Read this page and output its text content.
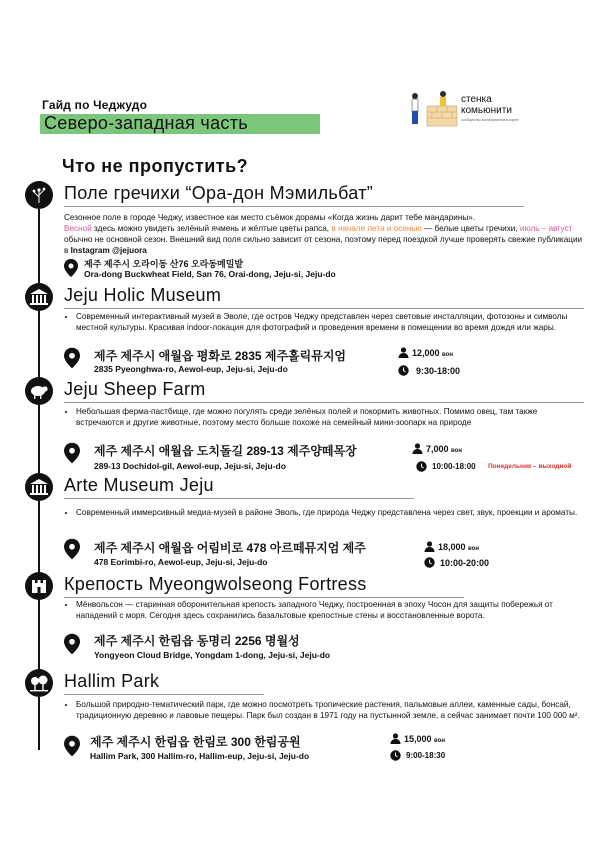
Гайд по Чеджудо
Северо-западная часть
стенка
комьюнити
сообщество экспатриантов в корее
Что не пропустить?
Поле гречихи “Ора-дон Мэмильбат”
Сезонное поле в городе Чеджу, известное как место съёмок дорамы «Когда жизнь дарит тебе мандарины».
Весной здесь можно увидеть зелёный ячмень и жёлтые цветы рапса, в начале лета и осенью — белые цветы гречихи, июль – август обычно не основной сезон. Внешний вид поля сильно зависит от сезона, поэтому перед поездкой лучше проверять свежие публикации в Instagram @jejuora
제주 제주시 오라이동 산76 오라동메밀밭
Ora-dong Buckwheat Field, San 76, Orai-dong, Jeju-si, Jeju-do
Jeju Holic Museum
• Современный интерактивный музей в Эволе, где остров Чеджу представлен через световые инсталляции, фотозоны и символы местной культуры. Красивая indoor-локация для фотографий и проведения времени в помещении во время дождя или жары.
제주 제주시 애월읍 평화로 2835 제주홀릭뮤지엄
2835 Pyeonghwa-ro, Aewol-eup, Jeju-si, Jeju-do
12,000 вон
9:30-18:00
Jeju Sheep Farm
• Небольшая ферма-пастбище, где можно погулять среди зелёных полей и покормить животных. Помимо овец, там также встречаются и другие животные, поэтому место больше похоже на семейный мини-зоопарк на природе
제주 제주시 애월읍 도치돌길 289-13 제주양떼목장
289-13 Dochidol-gil, Aewol-eup, Jeju-si, Jeju-do
7,000 вон
10:00-18:00 Понедельник – выходной
Arte Museum Jeju
• Современный иммерсивный медиа-музей в районе Эволь, где природа Чеджу представлена через свет, звук, проекции и ароматы.
제주 제주시 애월읍 어림비로 478 아르떼뮤지엄 제주
478 Eorimbi-ro, Aewol-eup, Jeju-si, Jeju-do
18,000 вон
10:00-20:00
Крепость Myeongwolseong Fortress
• Мёнвольсон — старинная оборонительная крепость западного Чеджу, построенная в эпоху Чосон для защиты побережья от нападений с моря. Сегодня здесь сохранились базальтовые крепостные стены и восстановленные ворота.
제주 제주시 한림읍 동명리 2256 명월성
Yongyeon Cloud Bridge, Yongdam 1-dong, Jeju-si, Jeju-do
Hallim Park
• Большой природно-тематический парк, где можно посмотреть тропические растения, пальмовые аллеи, каменные сады, бонсай, традиционную деревню и лавовые пещеры. Парк был создан в 1971 году на пустынной земле, а сейчас занимает почти 100 000 м².
제주 제주시 한림읍 한림로 300 한림공원
Hallim Park, 300 Hallim-ro, Hallim-eup, Jeju-si, Jeju-do
15,000 вон
9:00-18:30
